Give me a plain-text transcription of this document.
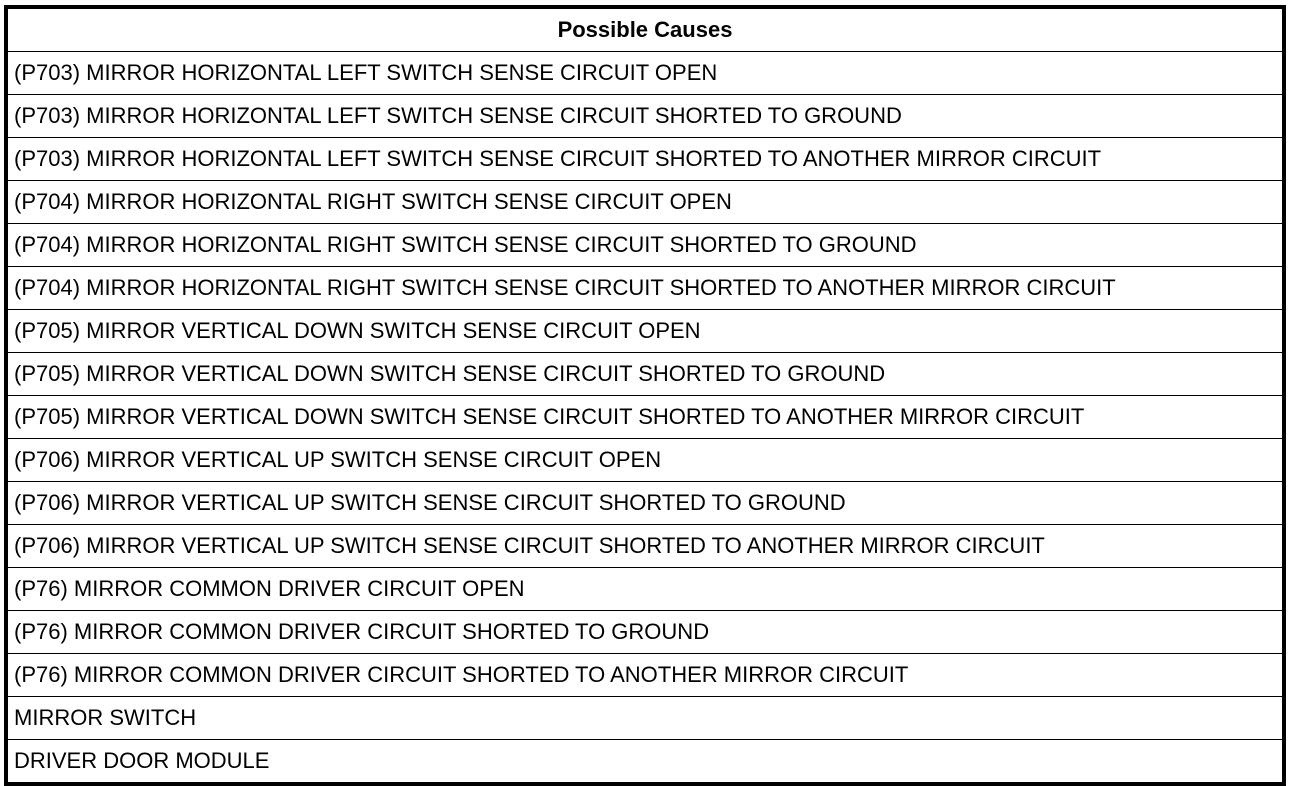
Possible Causes
(P703) MIRROR HORIZONTAL LEFT SWITCH SENSE CIRCUIT OPEN
(P703) MIRROR HORIZONTAL LEFT SWITCH SENSE CIRCUIT SHORTED TO GROUND
(P703) MIRROR HORIZONTAL LEFT SWITCH SENSE CIRCUIT SHORTED TO ANOTHER MIRROR CIRCUIT
(P704) MIRROR HORIZONTAL RIGHT SWITCH SENSE CIRCUIT OPEN
(P704) MIRROR HORIZONTAL RIGHT SWITCH SENSE CIRCUIT SHORTED TO GROUND
(P704) MIRROR HORIZONTAL RIGHT SWITCH SENSE CIRCUIT SHORTED TO ANOTHER MIRROR CIRCUIT
(P705) MIRROR VERTICAL DOWN SWITCH SENSE CIRCUIT OPEN
(P705) MIRROR VERTICAL DOWN SWITCH SENSE CIRCUIT SHORTED TO GROUND
(P705) MIRROR VERTICAL DOWN SWITCH SENSE CIRCUIT SHORTED TO ANOTHER MIRROR CIRCUIT
(P706) MIRROR VERTICAL UP SWITCH SENSE CIRCUIT OPEN
(P706) MIRROR VERTICAL UP SWITCH SENSE CIRCUIT SHORTED TO GROUND
(P706) MIRROR VERTICAL UP SWITCH SENSE CIRCUIT SHORTED TO ANOTHER MIRROR CIRCUIT
(P76) MIRROR COMMON DRIVER CIRCUIT OPEN
(P76) MIRROR COMMON DRIVER CIRCUIT SHORTED TO GROUND
(P76) MIRROR COMMON DRIVER CIRCUIT SHORTED TO ANOTHER MIRROR CIRCUIT
MIRROR SWITCH
DRIVER DOOR MODULE
